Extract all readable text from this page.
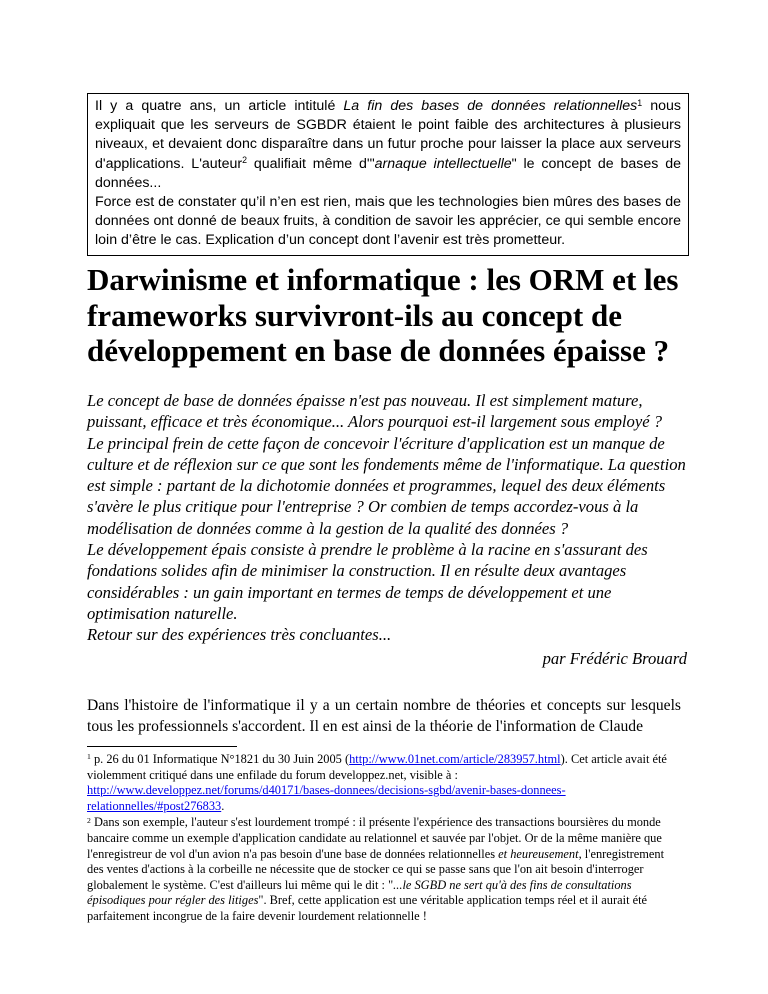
Il y a quatre ans, un article intitulé La fin des bases de données relationnelles$^1$ nous expliquait que les serveurs de SGBDR étaient le point faible des architectures à plusieurs niveaux, et devaient donc disparaître dans un futur proche pour laisser la place aux serveurs d'applications. L'auteur$^2$ qualifiait même d'"arnaque intellectuelle" le concept de bases de données...

Force est de constater qu’il n’en est rien, mais que les technologies bien mûres des bases de données ont donné de beaux fruits, à condition de savoir les apprécier, ce qui semble encore loin d’être le cas. Explication d’un concept dont l’avenir est très prometteur.

Darwinisme et informatique : les ORM et les frameworks survivront-ils au concept de développement en base de données épaisse ?

Le concept de base de données épaisse n'est pas nouveau. Il est simplement mature, puissant, efficace et très économique... Alors pourquoi est-il largement sous employé ?

Le principal frein de cette façon de concevoir l'écriture d'application est un manque de culture et de réflexion sur ce que sont les fondements même de l'informatique. La question est simple : partant de la dichotomie données et programmes, lequel des deux éléments s'avère le plus critique pour l'entreprise ? Or combien de temps accordez-vous à la modélisation de données comme à la gestion de la qualité des données ?

Le développement épais consiste à prendre le problème à la racine en s'assurant des fondations solides afin de minimiser la construction. Il en résulte deux avantages considérables : un gain important en termes de temps de développement et une optimisation naturelle.

Retour sur des expériences très concluantes...

par Frédéric Brouard

Dans l'histoire de l'informatique il y a un certain nombre de théories et concepts sur lesquels tous les professionnels s'accordent. Il en est ainsi de la théorie de l'information de Claude

$^1$ p. 26 du 01 Informatique N°1821 du 30 Juin 2005 (http://www.01net.com/article/283957.html). Cet article avait été violemment critiqué dans une enfilade du forum developpez.net, visible à : http://www.developpez.net/forums/d40171/bases-donnees/decisions-sgbd/avenir-bases-donnees-relationnelles/#post276833.

$^2$ Dans son exemple, l'auteur s'est lourdement trompé : il présente l'expérience des transactions boursières du monde bancaire comme un exemple d'application candidate au relationnel et sauvée par l'objet. Or de la même manière que l'enregistreur de vol d'un avion n'a pas besoin d'une base de données relationnelles et heureusement, l'enregistrement des ventes d'actions à la corbeille ne nécessite que de stocker ce qui se passe sans que l'on ait besoin d'interroger globalement le système. C'est d'ailleurs lui même qui le dit : "...le SGBD ne sert qu'à des fins de consultations épisodiques pour régler des litiges". Bref, cette application est une véritable application temps réel et il aurait été parfaitement incongrue de la faire devenir lourdement relationnelle !
